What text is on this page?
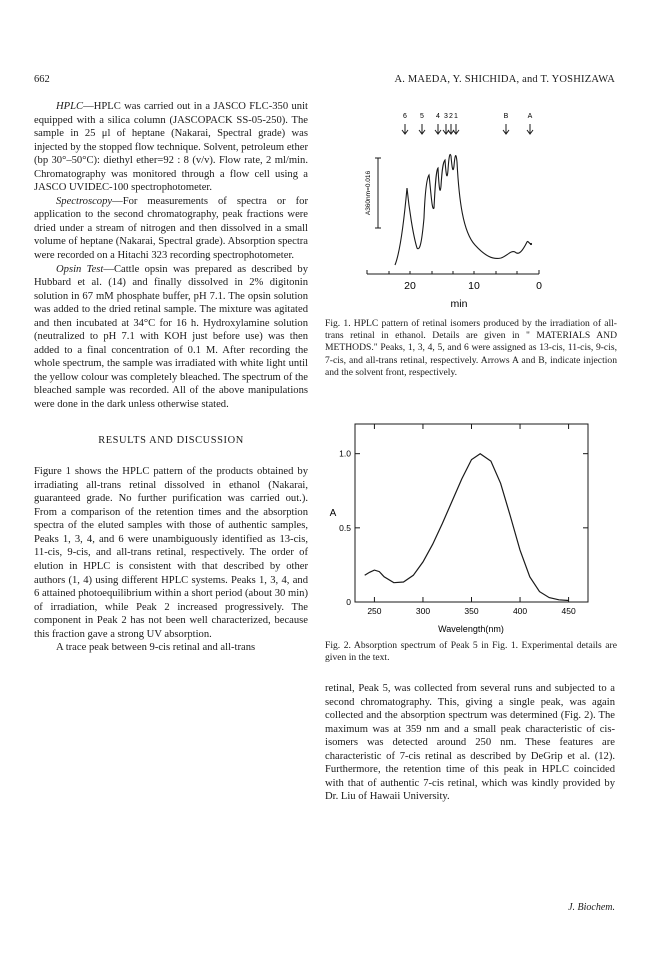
662	A. MAEDA, Y. SHICHIDA, and T. YOSHIZAWA

HPLC—HPLC was carried out in a JASCO FLC-350 unit equipped with a silica column (JASCOPACK SS-05-250). The sample in 25 μl of heptane (Nakarai, Spectral grade) was injected by the stopped flow technique. Solvent, petroleum ether (bp 30°–50°C): diethyl ether=92 : 8 (v/v). Flow rate, 2 ml/min. Chromatography was monitored through a flow cell using a JASCO UVIDEC-100 spectrophotometer.

Spectroscopy—For measurements of spectra or for application to the second chromatography, peak fractions were dried under a stream of nitrogen and then dissolved in a small volume of heptane (Nakarai, Spectral grade). Absorption spectra were recorded on a Hitachi 323 recording spectrophotometer.

Opsin Test—Cattle opsin was prepared as described by Hubbard et al. (14) and finally dissolved in 2% digitonin solution in 67 mM phosphate buffer, pH 7.1. The opsin solution was added to the dried retinal sample. The mixture was agitated and then incubated at 34°C for 16 h. Hydroxylamine solution (neutralized to pH 7.1 with KOH just before use) was then added to a final concentration of 0.1 M. After recording the whole spectrum, the sample was irradiated with white light until the yellow colour was completely bleached. The spectrum of the bleached sample was recorded. All of the above manipulations were done in the dark unless otherwise stated.

RESULTS AND DISCUSSION

Figure 1 shows the HPLC pattern of the products obtained by irradiating all-trans retinal dissolved in ethanol (Nakarai, guaranteed grade. No further purification was carried out.). From a comparison of the retention times and the absorption spectra of the eluted samples with those of authentic samples, Peaks 1, 3, 4, and 6 were unambiguously identified as 13-cis, 11-cis, 9-cis, and all-trans retinal, respectively. The order of elution in HPLC is consistent with that described by other authors (1, 4) using different HPLC systems. Peaks 1, 3, 4, and 6 attained photoequilibrium within a short period (about 30 min) of irradiation, while Peak 2 increased progressively. The component in Peak 2 has not been well characterized, because this fraction gave a strong UV absorption.

A trace peak between 9-cis retinal and all-trans

6 5 4 3 2 1	B	A
A360nm=0.016
20	10	0
min
Fig. 1. HPLC pattern of retinal isomers produced by the irradiation of all-trans retinal in ethanol. Details are given in " MATERIALS AND METHODS." Peaks, 1, 3, 4, 5, and 6 were assigned as 13-cis, 11-cis, 9-cis, 7-cis, and all-trans retinal, respectively. Arrows A and B, indicate injection and the solvent front, respectively.
250	300	350	400	450
0
0.5
1.0
Wavelength(nm)
A
Fig. 2. Absorption spectrum of Peak 5 in Fig. 1. Experimental details are given in the text.

retinal, Peak 5, was collected from several runs and subjected to a second chromatography. This, giving a single peak, was again collected and the absorption spectrum was determined (Fig. 2). The maximum was at 359 nm and a small peak characteristic of cis-isomers was detected around 250 nm. These features are characteristic of 7-cis retinal as described by DeGrip et al. (12). Furthermore, the retention time of this peak in HPLC coincided with that of authentic 7-cis retinal, which was kindly provided by Dr. Liu of Hawaii University.

J. Biochem.
